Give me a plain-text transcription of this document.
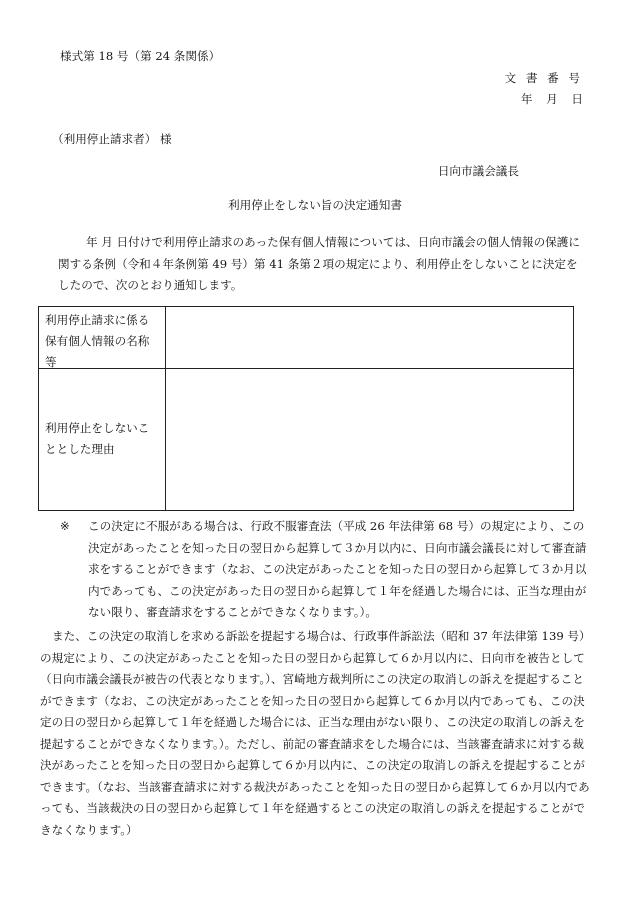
様式第 18 号（第 24 条関係）
文 書 番 号
年 月 日
（利用停止請求者） 様
日向市議会議長
利用停止をしない旨の決定通知書

年 月 日付けで利用停止請求のあった保有個人情報については、日向市議会の個人情報の保護に関する条例（令和４年条例第 49 号）第 41 条第２項の規定により、利用停止をしないことに決定をしたので、次のとおり通知します。

利用停止請求に係る保有個人情報の名称等
利用停止をしないこととした理由
※ この決定に不服がある場合は、行政不服審査法（平成 26 年法律第 68 号）の規定により、この決定があったことを知った日の翌日から起算して３か月以内に、日向市議会議長に対して審査請求をすることができます（なお、この決定があったことを知った日の翌日から起算して３か月以内であっても、この決定があった日の翌日から起算して１年を経過した場合には、正当な理由がない限り、審査請求をすることができなくなります。）。
また、この決定の取消しを求める訴訟を提起する場合は、行政事件訴訟法（昭和 37 年法律第 139 号）の規定により、この決定があったことを知った日の翌日から起算して６か月以内に、日向市を被告として（日向市議会議長が被告の代表となります。）、宮崎地方裁判所にこの決定の取消しの訴えを提起することができます（なお、この決定があったことを知った日の翌日から起算して６か月以内であっても、この決定の日の翌日から起算して１年を経過した場合には、正当な理由がない限り、この決定の取消しの訴えを提起することができなくなります。）。ただし、前記の審査請求をした場合には、当該審査請求に対する裁決があったことを知った日の翌日から起算して６か月以内に、この決定の取消しの訴えを提起することができます。（なお、当該審査請求に対する裁決があったことを知った日の翌日から起算して６か月以内であっても、当該裁決の日の翌日から起算して１年を経過するとこの決定の取消しの訴えを提起することができなくなります。）
